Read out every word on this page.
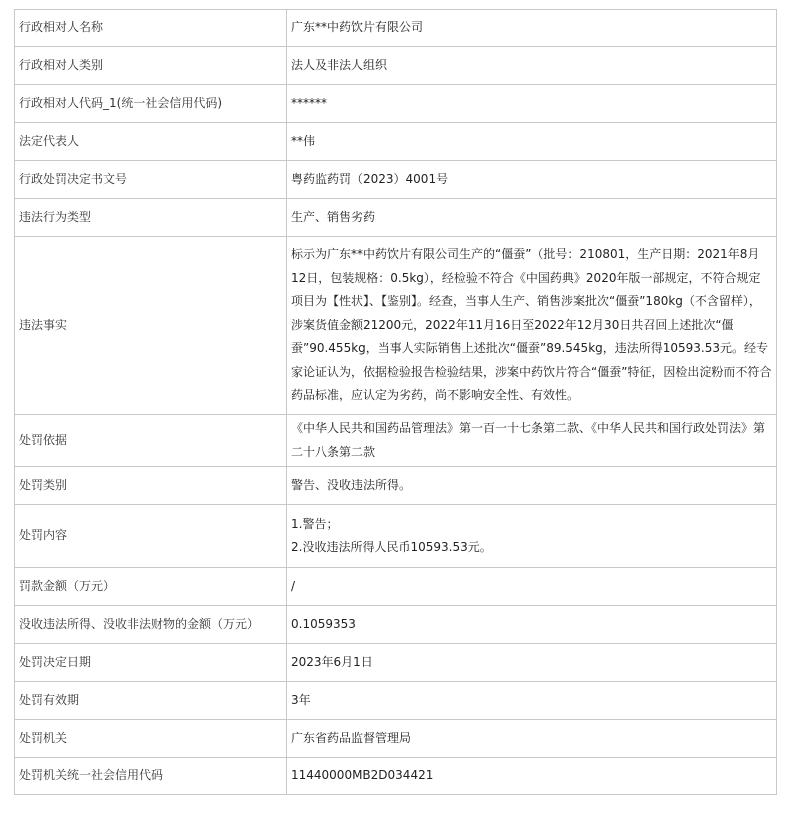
行政相对人名称	广东**中药饮片有限公司
行政相对人类别	法人及非法人组织
行政相对人代码_1(统一社会信用代码)	******
法定代表人	**伟
行政处罚决定书文号	粤药监药罚（2023）4001号
违法行为类型	生产、销售劣药
违法事实	标示为广东**中药饮片有限公司生产的“僵蚕”（批号：210801，生产日期：2021年8月12日，包装规格：0.5kg），经检验不符合《中国药典》2020年版一部规定，不符合规定项目为【性状】、【鉴别】。经查，当事人生产、销售涉案批次“僵蚕”180kg（不含留样），涉案货值金额21200元，2022年11月16日至2022年12月30日共召回上述批次“僵蚕”90.455kg，当事人实际销售上述批次“僵蚕”89.545kg，违法所得10593.53元。经专家论证认为，依据检验报告检验结果，涉案中药饮片符合“僵蚕”特征，因检出淀粉而不符合药品标准，应认定为劣药，尚不影响安全性、有效性。
处罚依据	《中华人民共和国药品管理法》第一百一十七条第二款、《中华人民共和国行政处罚法》第二十八条第二款
处罚类别	警告、没收违法所得。
处罚内容	1.警告；
2.没收违法所得人民币10593.53元。

罚款金额（万元）	/
没收违法所得、没收非法财物的金额（万元）	0.1059353
处罚决定日期	2023年6月1日
处罚有效期	3年
处罚机关	广东省药品监督管理局
处罚机关统一社会信用代码	11440000MB2D034421
